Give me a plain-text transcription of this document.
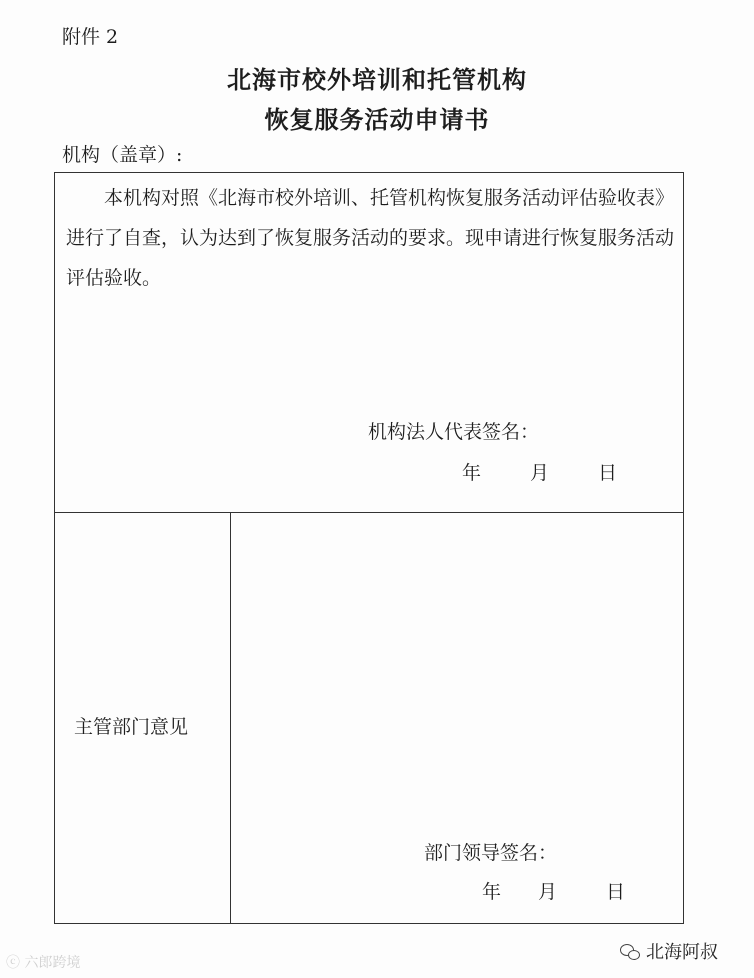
附件 2
北海市校外培训和托管机构
恢复服务活动申请书
机构（盖章）:
本机构对照《北海市校外培训、托管机构恢复服务活动评估验收表》进行了自查，认为达到了恢复服务活动的要求。现申请进行恢复服务活动评估验收。
机构法人代表签名：
年	月	日
主管部门意见
部门领导签名：
年 月	日
ⓒ 六郎跨境	北海阿叔
